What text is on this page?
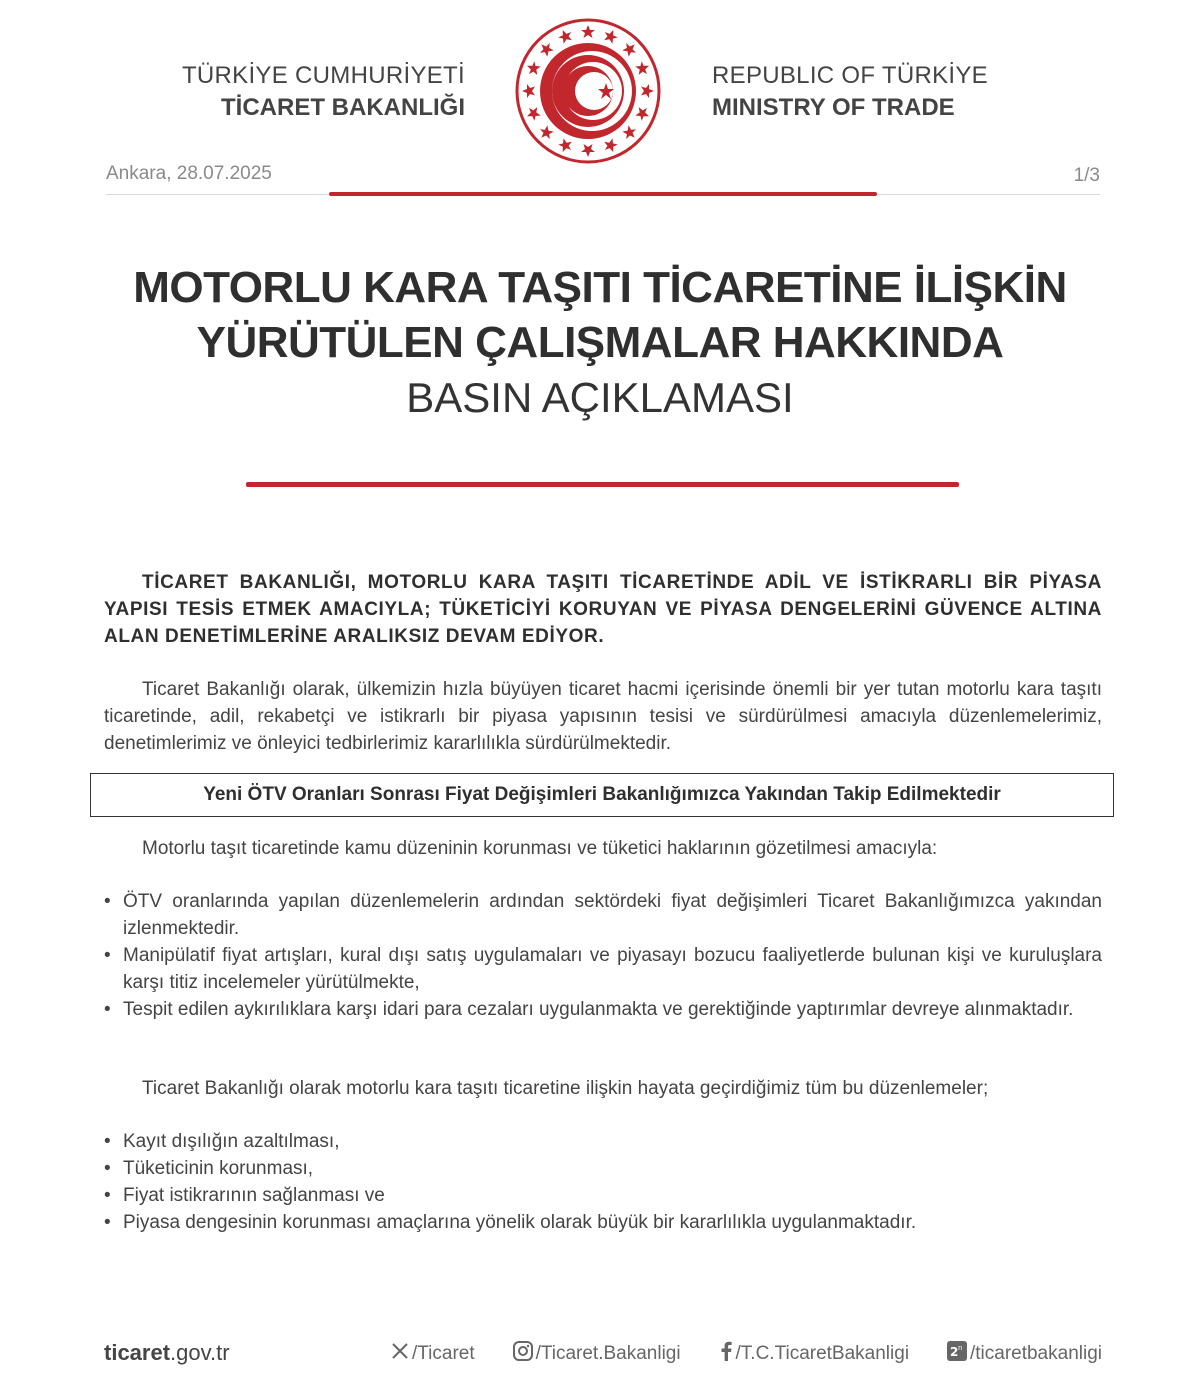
TÜRKİYE CUMHURİYETİ
TİCARET BAKANLIĞI
REPUBLIC OF TÜRKİYE
MINISTRY OF TRADE
Ankara, 28.07.2025	1/3
MOTORLU KARA TAŞITI TİCARETİNE İLİŞKİN
YÜRÜTÜLEN ÇALIŞMALAR HAKKINDA
BASIN AÇIKLAMASI
TİCARET BAKANLIĞI, MOTORLU KARA TAŞITI TİCARETİNDE ADİL VE İSTİKRARLI BİR PİYASA YAPISI TESİS ETMEK AMACIYLA; TÜKETİCİYİ KORUYAN VE PİYASA DENGELERİNİ GÜVENCE ALTINA ALAN DENETİMLERİNE ARALIKSIZ DEVAM EDİYOR.
Ticaret Bakanlığı olarak, ülkemizin hızla büyüyen ticaret hacmi içerisinde önemli bir yer tutan motorlu kara taşıtı ticaretinde, adil, rekabetçi ve istikrarlı bir piyasa yapısının tesisi ve sürdürülmesi amacıyla düzenlemelerimiz, denetimlerimiz ve önleyici tedbirlerimiz kararlılıkla sürdürülmektedir.
Yeni ÖTV Oranları Sonrası Fiyat Değişimleri Bakanlığımızca Yakından Takip Edilmektedir
Motorlu taşıt ticaretinde kamu düzeninin korunması ve tüketici haklarının gözetilmesi amacıyla:
• ÖTV oranlarında yapılan düzenlemelerin ardından sektördeki fiyat değişimleri Ticaret Bakanlığımızca yakından izlenmektedir.
• Manipülatif fiyat artışları, kural dışı satış uygulamaları ve piyasayı bozucu faaliyetlerde bulunan kişi ve kuruluşlara karşı titiz incelemeler yürütülmekte,
• Tespit edilen aykırılıklara karşı idari para cezaları uygulanmakta ve gerektiğinde yaptırımlar devreye alınmaktadır.
Ticaret Bakanlığı olarak motorlu kara taşıtı ticaretine ilişkin hayata geçirdiğimiz tüm bu düzenlemeler;
• Kayıt dışılığın azaltılması,
• Tüketicinin korunması,
• Fiyat istikrarının sağlanması ve
• Piyasa dengesinin korunması amaçlarına yönelik olarak büyük bir kararlılıkla uygulanmaktadır.
ticaret.gov.tr	/Ticaret	/Ticaret.Bakanligi	/T.C.TicaretBakanligi	2 n /ticaretbakanligi
